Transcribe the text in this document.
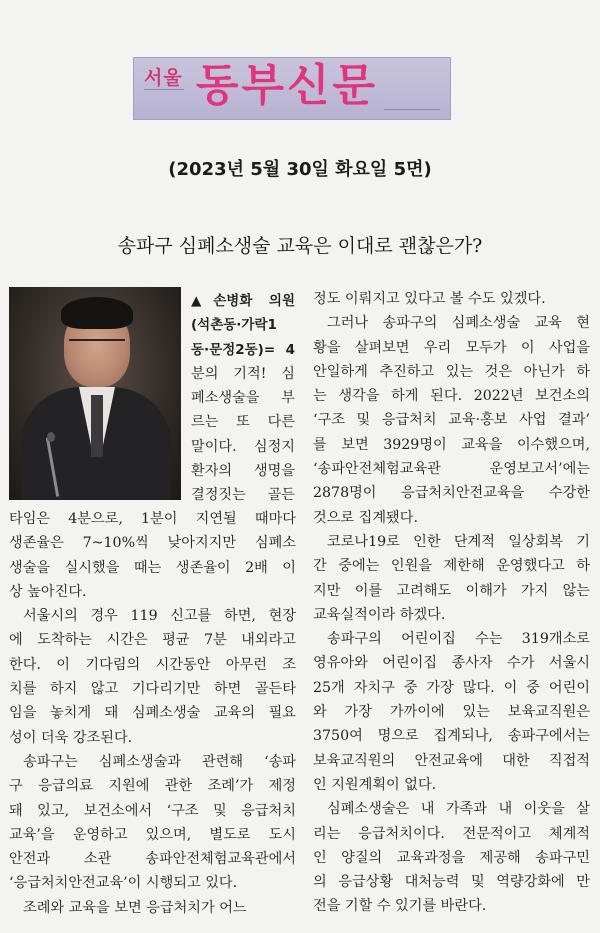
서울 동부신문
(2023년 5월 30일 화요일 5면)
송파구 심폐소생술 교육은 이대로 괜찮은가?
▲손병화 의원
(석촌동·가락1
동·문정2동)= 4
분의 기적! 심
폐소생술을 부
르는 또 다른
말이다. 심정지
환자의 생명을
결정짓는 골든

타임은 4분으로, 1분이 지연될 때마다

생존율은 7~10%씩 낮아지지만 심폐소

생술을 실시했을 때는 생존율이 2배 이

상 높아진다.

서울시의 경우 119 신고를 하면, 현장

에 도착하는 시간은 평균 7분 내외라고

한다. 이 기다림의 시간동안 아무런 조

치를 하지 않고 기다리기만 하면 골든타

임을 놓치게 돼 심폐소생술 교육의 필요

성이 더욱 강조된다.

송파구는 심폐소생술과 관련해 ‘송파

구 응급의료 지원에 관한 조례’가 제정

돼 있고, 보건소에서 ‘구조 및 응급처치

교육’을 운영하고 있으며, 별도로 도시

안전과 소관 송파안전체험교육관에서

‘응급처치안전교육’이 시행되고 있다.

조례와 교육을 보면 응급처치가 어느

정도 이뤄지고 있다고 볼 수도 있겠다.

그러나 송파구의 심폐소생술 교육 현

황을 살펴보면 우리 모두가 이 사업을

안일하게 추진하고 있는 것은 아닌가 하

는 생각을 하게 된다. 2022년 보건소의

‘구조 및 응급처치 교육·홍보 사업 결과’

를 보면 3929명이 교육을 이수했으며,

‘송파안전체험교육관 운영보고서’에는

2878명이 응급처치안전교육을 수강한

것으로 집계됐다.

코로나19로 인한 단계적 일상회복 기

간 중에는 인원을 제한해 운영했다고 하

지만 이를 고려해도 이해가 가지 않는

교육실적이라 하겠다.

송파구의 어린이집 수는 319개소로

영유아와 어린이집 종사자 수가 서울시

25개 자치구 중 가장 많다. 이 중 어린이

와 가장 가까이에 있는 보육교직원은

3750여 명으로 집계되나, 송파구에서는

보육교직원의 안전교육에 대한 직접적

인 지원계획이 없다.

심폐소생술은 내 가족과 내 이웃을 살

리는 응급처치이다. 전문적이고 체계적

인 양질의 교육과정을 제공해 송파구민

의 응급상황 대처능력 및 역량강화에 만

전을 기할 수 있기를 바란다.
